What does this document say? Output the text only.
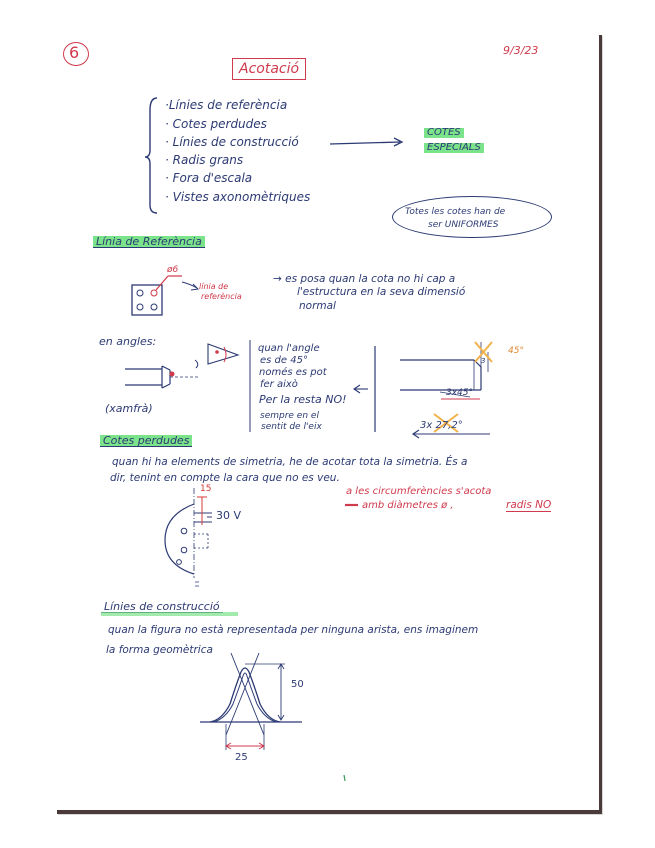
6
Acotació
9/3/23
·Línies de referència
· Cotes perdudes
· Línies de construcció
· Radis grans
· Fora d'escala
· Vistes axonomètriques
COTES
ESPECIALS
Totes les cotes han de
ser UNIFORMES
Línia de Referència
ø6
línia de
referència
→ es posa quan la cota no hi cap a
l'estructura en la seva dimensió
normal
en angles:
(xamfrà)
quan l'angle
es de 45°
només es pot
fer això
Per la resta NO!
sempre en el
sentit de l'eix
3
45°
3x45°
3x 27,2°
Cotes perdudes
quan hi ha elements de simetria, he de acotar tota la simetria. És a
dir, tenint en compte la cara que no es veu.
15
30 V
a les circumferències s'acota
amb diàmetres ø ,	radis NO
Línies de construcció
quan la figura no està representada per ninguna arista, ens imaginem
la forma geomètrica
50
25
